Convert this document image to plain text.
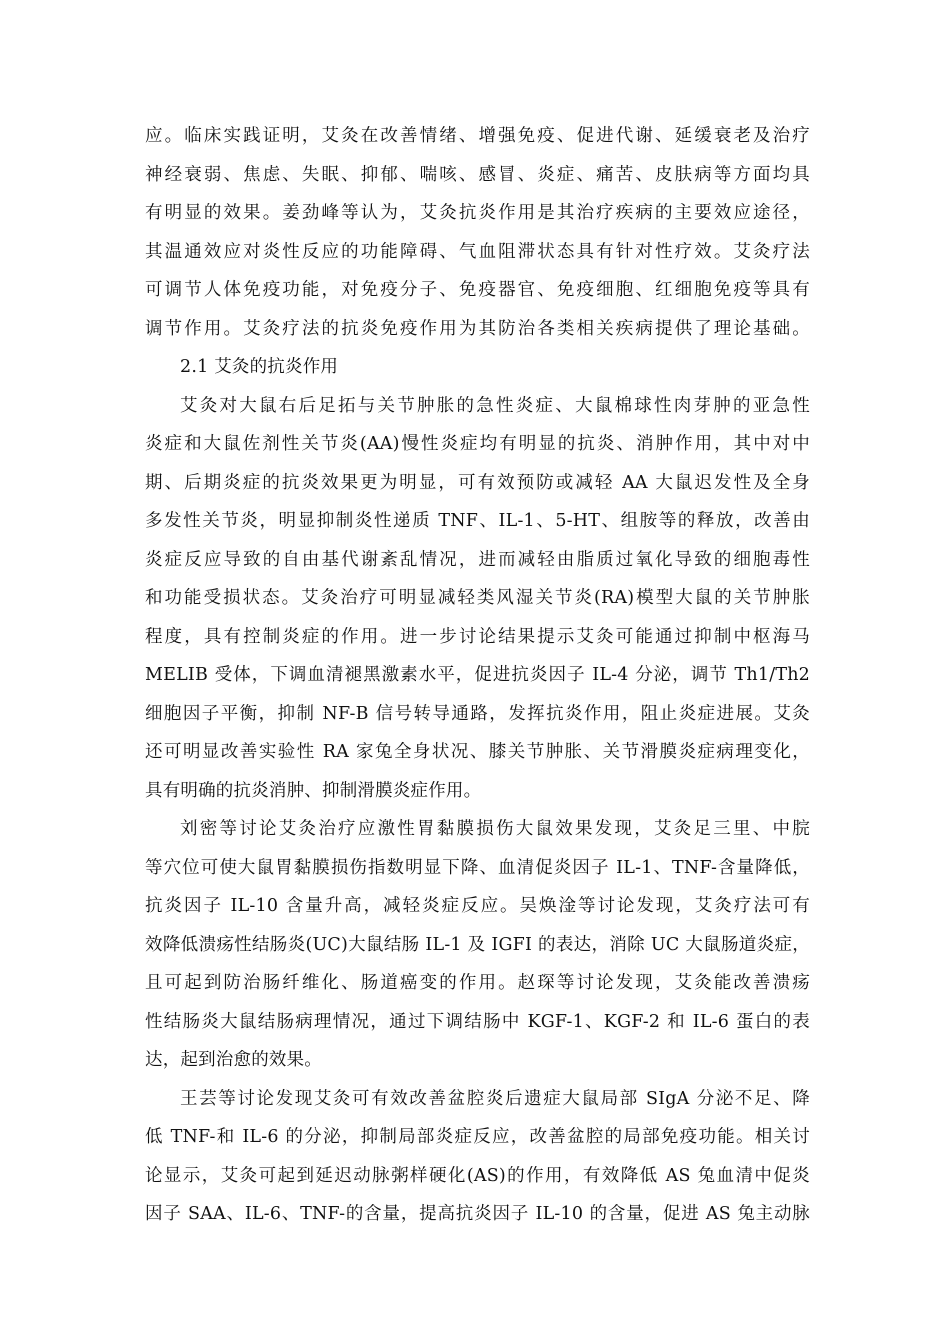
应。临床实践证明，艾灸在改善情绪、增强免疫、促进代谢、延缓衰老及治疗
神经衰弱、焦虑、失眠、抑郁、喘咳、感冒、炎症、痛苦、皮肤病等方面均具
有明显的效果。姜劲峰等认为，艾灸抗炎作用是其治疗疾病的主要效应途径，
其温通效应对炎性反应的功能障碍、气血阻滞状态具有针对性疗效。艾灸疗法
可调节人体免疫功能，对免疫分子、免疫器官、免疫细胞、红细胞免疫等具有
调节作用。艾灸疗法的抗炎免疫作用为其防治各类相关疾病提供了理论基础。
2.1 艾灸的抗炎作用
艾灸对大鼠右后足拓与关节肿胀的急性炎症、大鼠棉球性肉芽肿的亚急性
炎症和大鼠佐剂性关节炎(AA)慢性炎症均有明显的抗炎、消肿作用，其中对中
期、后期炎症的抗炎效果更为明显，可有效预防或减轻 AA 大鼠迟发性及全身
多发性关节炎，明显抑制炎性递质 TNF、IL-1、5-HT、组胺等的释放，改善由
炎症反应导致的自由基代谢紊乱情况，进而减轻由脂质过氧化导致的细胞毒性
和功能受损状态。艾灸治疗可明显减轻类风湿关节炎(RA)模型大鼠的关节肿胀
程度，具有控制炎症的作用。进一步讨论结果提示艾灸可能通过抑制中枢海马
MELIB 受体，下调血清褪黑激素水平，促进抗炎因子 IL-4 分泌，调节 Th1/Th2
细胞因子平衡，抑制 NF-B 信号转导通路，发挥抗炎作用，阻止炎症进展。艾灸
还可明显改善实验性 RA 家兔全身状况、膝关节肿胀、关节滑膜炎症病理变化，
具有明确的抗炎消肿、抑制滑膜炎症作用。
刘密等讨论艾灸治疗应激性胃黏膜损伤大鼠效果发现，艾灸足三里、中脘
等穴位可使大鼠胃黏膜损伤指数明显下降、血清促炎因子 IL-1、TNF-含量降低，
抗炎因子 IL-10 含量升高，减轻炎症反应。吴焕淦等讨论发现，艾灸疗法可有
效降低溃疡性结肠炎(UC)大鼠结肠 IL-1 及 IGFI 的表达，消除 UC 大鼠肠道炎症，
且可起到防治肠纤维化、肠道癌变的作用。赵琛等讨论发现，艾灸能改善溃疡
性结肠炎大鼠结肠病理情况，通过下调结肠中 KGF-1、KGF-2 和 IL-6 蛋白的表
达，起到治愈的效果。
王芸等讨论发现艾灸可有效改善盆腔炎后遗症大鼠局部 SIgA 分泌不足、降
低 TNF-和 IL-6 的分泌，抑制局部炎症反应，改善盆腔的局部免疫功能。相关讨
论显示，艾灸可起到延迟动脉粥样硬化(AS)的作用，有效降低 AS 兔血清中促炎
因子 SAA、IL-6、TNF-的含量，提高抗炎因子 IL-10 的含量，促进 AS 兔主动脉
